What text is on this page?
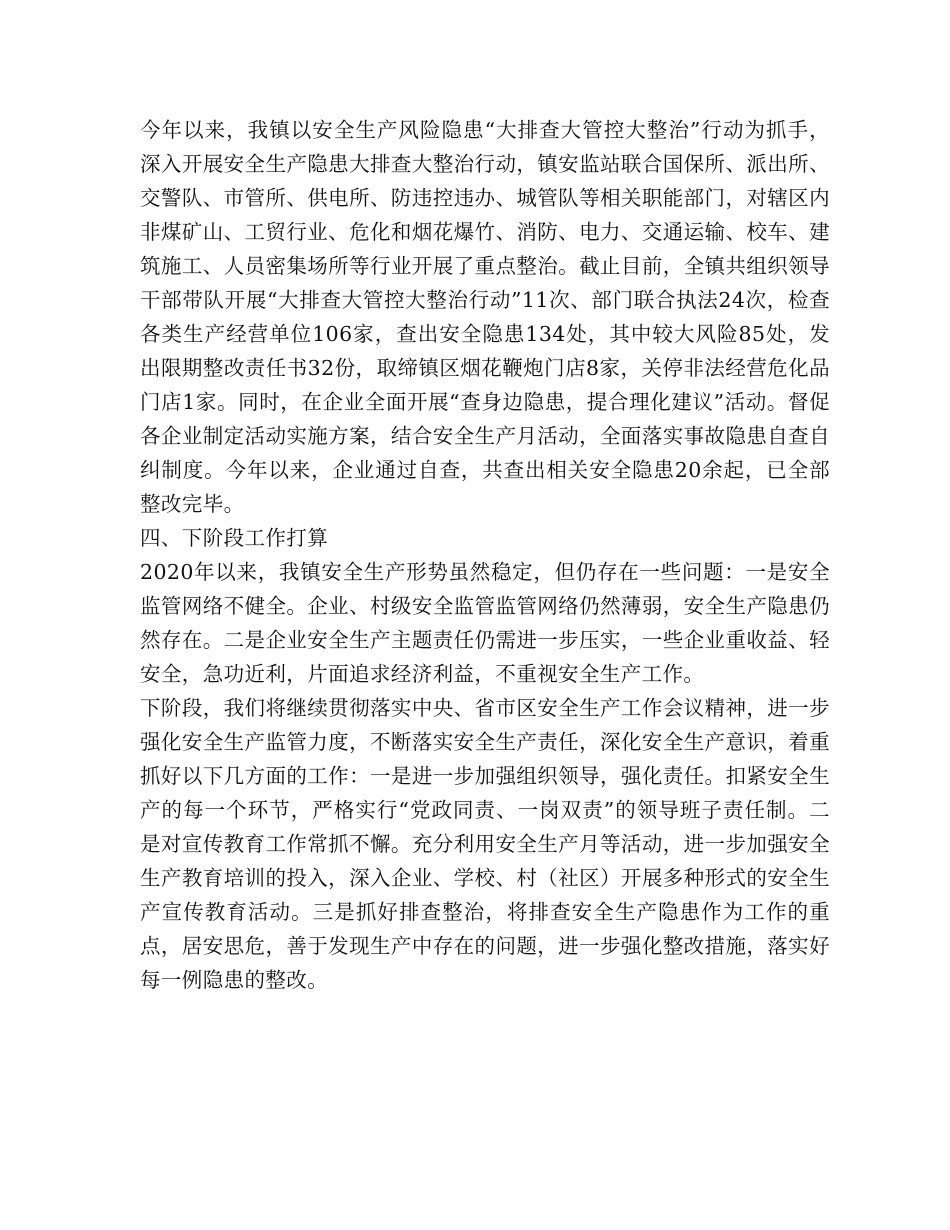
今年以来，我镇以安全生产风险隐患“大排查大管控大整治”行动为抓手，深入开展安全生产隐患大排查大整治行动，镇安监站联合国保所、派出所、交警队、市管所、供电所、防违控违办、城管队等相关职能部门，对辖区内非煤矿山、工贸行业、危化和烟花爆竹、消防、电力、交通运输、校车、建筑施工、人员密集场所等行业开展了重点整治。截止目前，全镇共组织领导干部带队开展“大排查大管控大整治行动”11次、部门联合执法24次，检查各类生产经营单位106家，查出安全隐患134处，其中较大风险85处，发出限期整改责任书32份，取缔镇区烟花鞭炮门店8家，关停非法经营危化品门店1家。同时，在企业全面开展“查身边隐患，提合理化建议”活动。督促各企业制定活动实施方案，结合安全生产月活动，全面落实事故隐患自查自纠制度。今年以来，企业通过自查，共查出相关安全隐患20余起，已全部整改完毕。

四、下阶段工作打算

2020年以来，我镇安全生产形势虽然稳定，但仍存在一些问题：一是安全监管网络不健全。企业、村级安全监管监管网络仍然薄弱，安全生产隐患仍然存在。二是企业安全生产主题责任仍需进一步压实，一些企业重收益、轻安全，急功近利，片面追求经济利益，不重视安全生产工作。

下阶段，我们将继续贯彻落实中央、省市区安全生产工作会议精神，进一步强化安全生产监管力度，不断落实安全生产责任，深化安全生产意识，着重抓好以下几方面的工作：一是进一步加强组织领导，强化责任。扣紧安全生产的每一个环节，严格实行“党政同责、一岗双责”的领导班子责任制。二是对宣传教育工作常抓不懈。充分利用安全生产月等活动，进一步加强安全生产教育培训的投入，深入企业、学校、村（社区）开展多种形式的安全生产宣传教育活动。三是抓好排查整治，将排查安全生产隐患作为工作的重点，居安思危，善于发现生产中存在的问题，进一步强化整改措施，落实好每一例隐患的整改。
